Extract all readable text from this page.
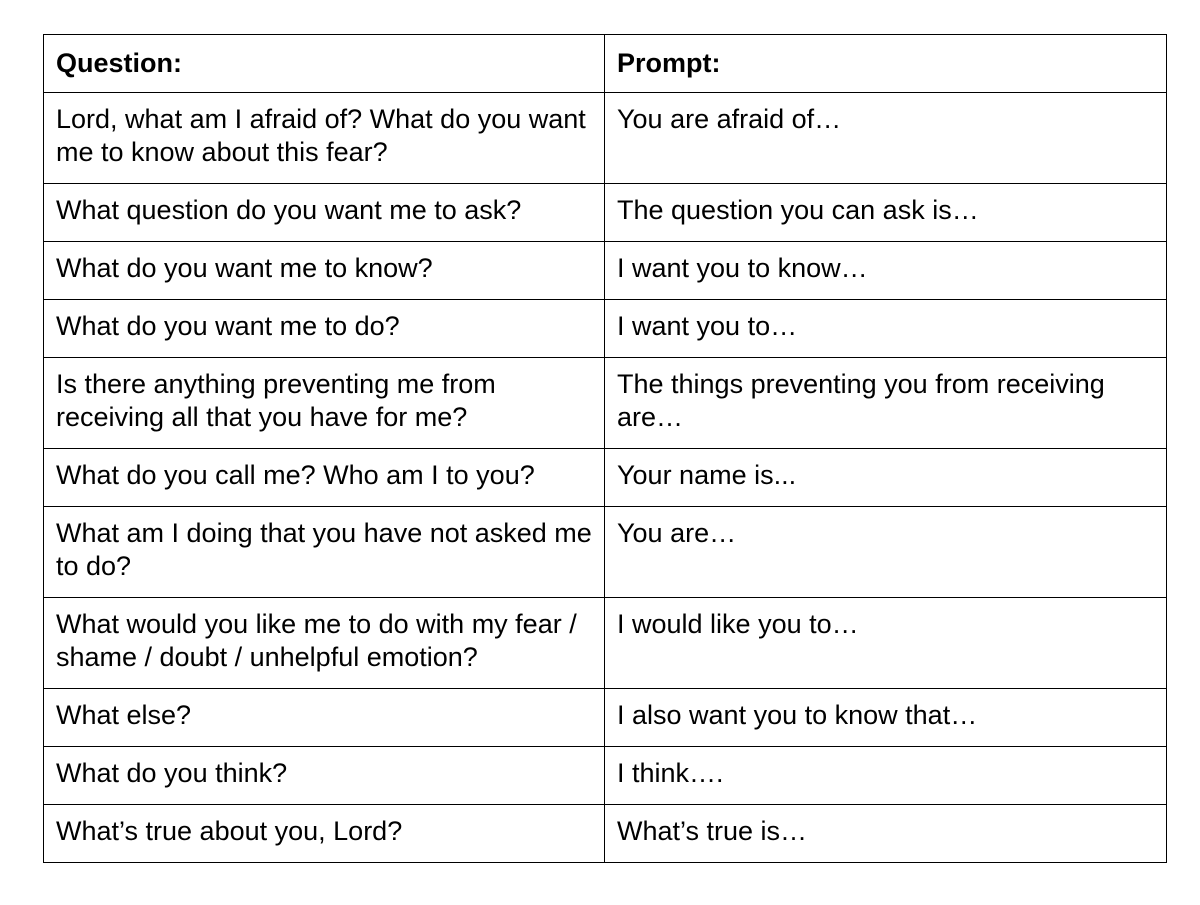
Question:	Prompt:
Lord, what am I afraid of? What do you want me to know about this fear?	You are afraid of…
What question do you want me to ask?	The question you can ask is…
What do you want me to know?	I want you to know…
What do you want me to do?	I want you to…
Is there anything preventing me from receiving all that you have for me?	The things preventing you from receiving are…
What do you call me? Who am I to you?	Your name is...
What am I doing that you have not asked me to do?	You are…
What would you like me to do with my fear / shame / doubt / unhelpful emotion?	I would like you to…
What else?	I also want you to know that…
What do you think?	I think….
What’s true about you, Lord?	What’s true is…
